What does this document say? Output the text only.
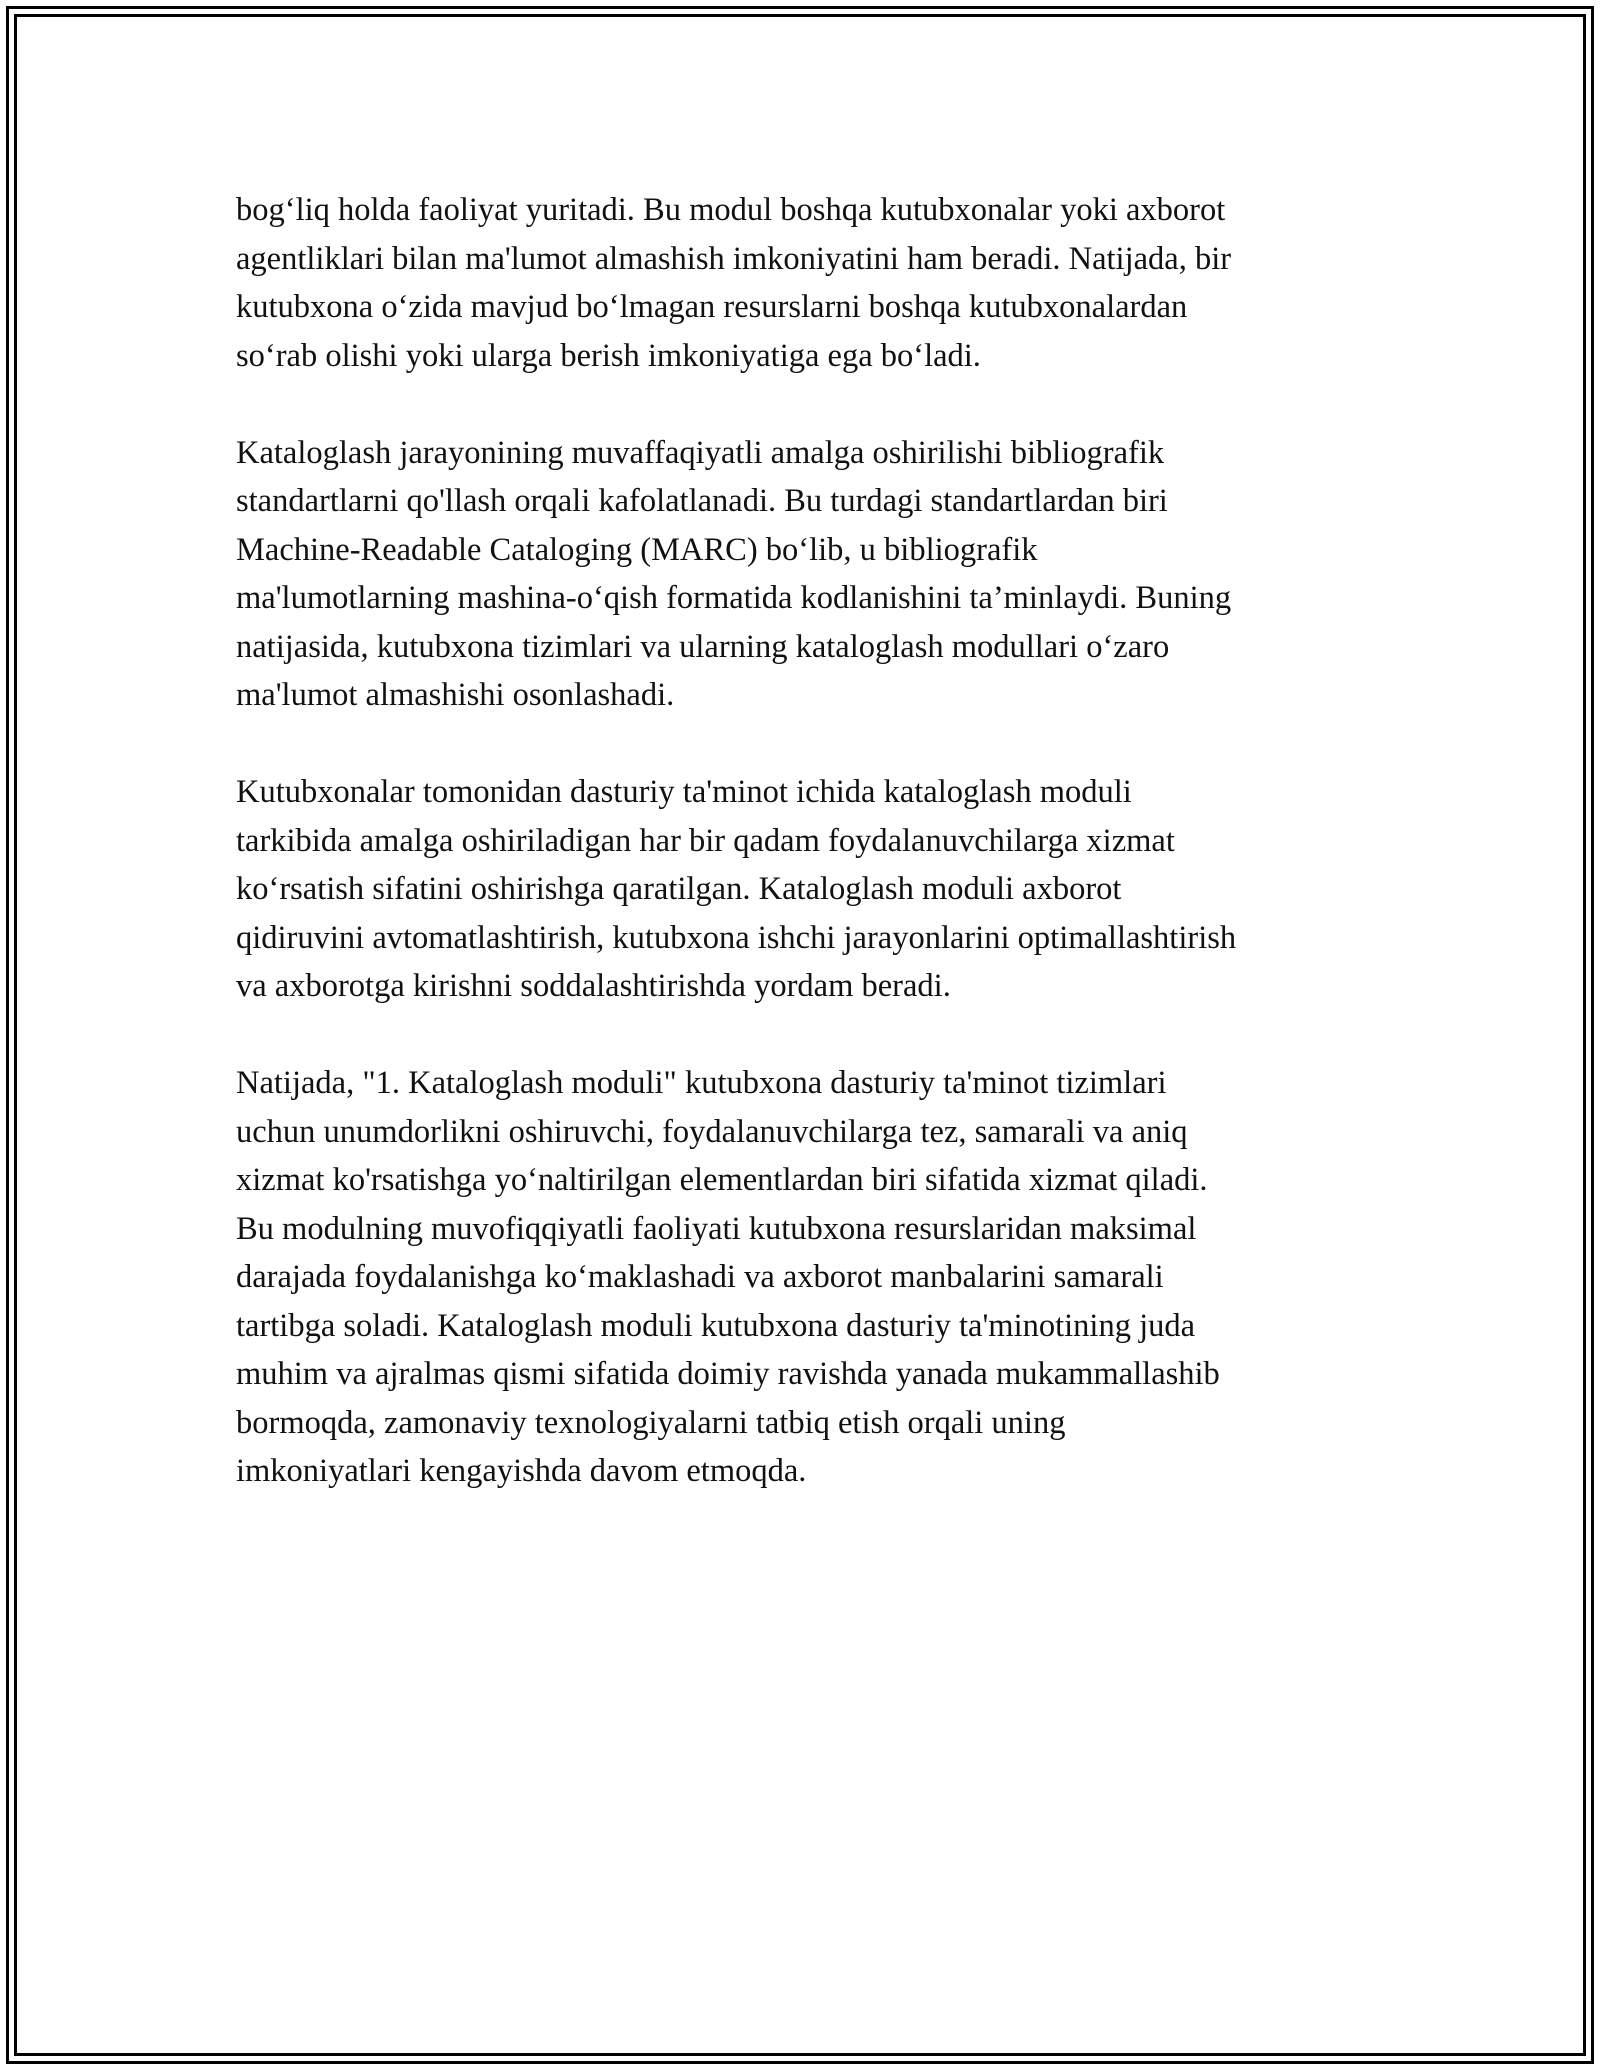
bog‘liq holda faoliyat yuritadi. Bu modul boshqa kutubxonalar yoki axborot
agentliklari bilan ma'lumot almashish imkoniyatini ham beradi. Natijada, bir
kutubxona o‘zida mavjud bo‘lmagan resurslarni boshqa kutubxonalardan
so‘rab olishi yoki ularga berish imkoniyatiga ega bo‘ladi.

Kataloglash jarayonining muvaffaqiyatli amalga oshirilishi bibliografik
standartlarni qo'llash orqali kafolatlanadi. Bu turdagi standartlardan biri
Machine-Readable Cataloging (MARC) bo‘lib, u bibliografik
ma'lumotlarning mashina-o‘qish formatida kodlanishini ta’minlaydi. Buning
natijasida, kutubxona tizimlari va ularning kataloglash modullari o‘zaro
ma'lumot almashishi osonlashadi.

Kutubxonalar tomonidan dasturiy ta'minot ichida kataloglash moduli
tarkibida amalga oshiriladigan har bir qadam foydalanuvchilarga xizmat
ko‘rsatish sifatini oshirishga qaratilgan. Kataloglash moduli axborot
qidiruvini avtomatlashtirish, kutubxona ishchi jarayonlarini optimallashtirish
va axborotga kirishni soddalashtirishda yordam beradi.

Natijada, "1. Kataloglash moduli" kutubxona dasturiy ta'minot tizimlari
uchun unumdorlikni oshiruvchi, foydalanuvchilarga tez, samarali va aniq
xizmat ko'rsatishga yo‘naltirilgan elementlardan biri sifatida xizmat qiladi.
Bu modulning muvofiqqiyatli faoliyati kutubxona resurslaridan maksimal
darajada foydalanishga ko‘maklashadi va axborot manbalarini samarali
tartibga soladi. Kataloglash moduli kutubxona dasturiy ta'minotining juda
muhim va ajralmas qismi sifatida doimiy ravishda yanada mukammallashib
bormoqda, zamonaviy texnologiyalarni tatbiq etish orqali uning
imkoniyatlari kengayishda davom etmoqda.
